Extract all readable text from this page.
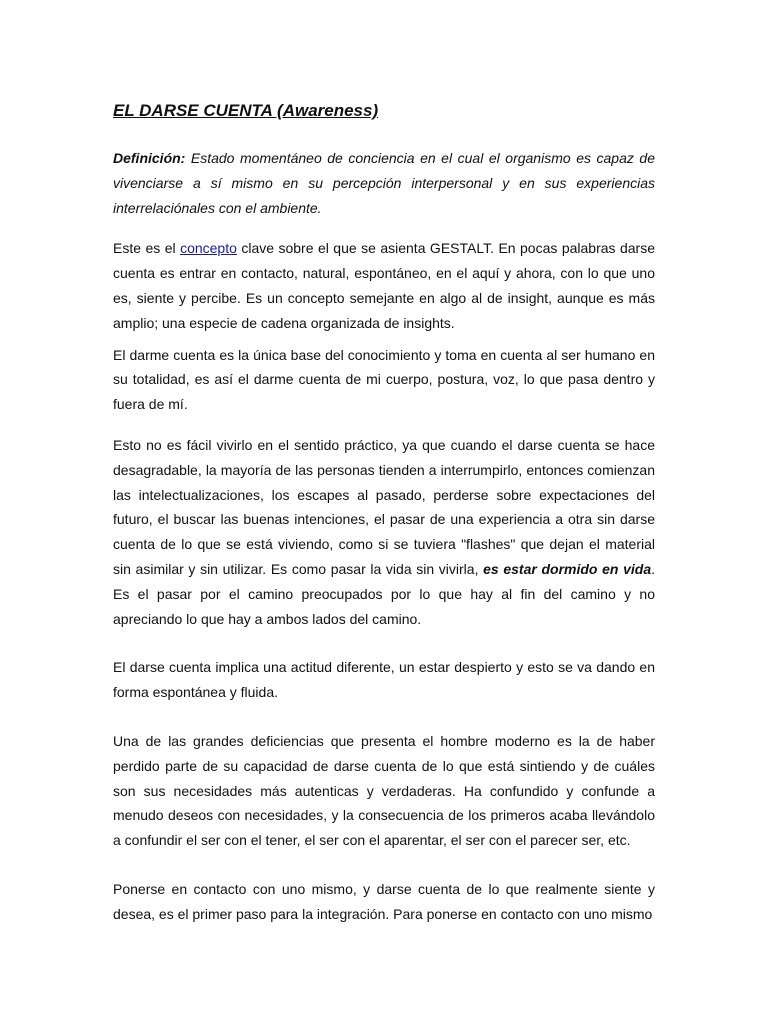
EL DARSE CUENTA (Awareness)

Definición: Estado momentáneo de conciencia en el cual el organismo es capaz de vivenciarse a sí mismo en su percepción interpersonal y en sus experiencias interrelaciónales con el ambiente.

Este es el concepto clave sobre el que se asienta GESTALT. En pocas palabras darse cuenta es entrar en contacto, natural, espontáneo, en el aquí y ahora, con lo que uno es, siente y percibe. Es un concepto semejante en algo al de insight, aunque es más amplio; una especie de cadena organizada de insights.

El darme cuenta es la única base del conocimiento y toma en cuenta al ser humano en su totalidad, es así el darme cuenta de mi cuerpo, postura, voz, lo que pasa dentro y fuera de mí.

Esto no es fácil vivirlo en el sentido práctico, ya que cuando el darse cuenta se hace desagradable, la mayoría de las personas tienden a interrumpirlo, entonces comienzan las intelectualizaciones, los escapes al pasado, perderse sobre expectaciones del futuro, el buscar las buenas intenciones, el pasar de una experiencia a otra sin darse cuenta de lo que se está viviendo, como si se tuviera "flashes" que dejan el material sin asimilar y sin utilizar. Es como pasar la vida sin vivirla, es estar dormido en vida. Es el pasar por el camino preocupados por lo que hay al fin del camino y no apreciando lo que hay a ambos lados del camino.

El darse cuenta implica una actitud diferente, un estar despierto y esto se va dando en forma espontánea y fluida.

Una de las grandes deficiencias que presenta el hombre moderno es la de haber perdido parte de su capacidad de darse cuenta de lo que está sintiendo y de cuáles son sus necesidades más autenticas y verdaderas. Ha confundido y confunde a menudo deseos con necesidades, y la consecuencia de los primeros acaba llevándolo a confundir el ser con el tener, el ser con el aparentar, el ser con el parecer ser, etc.

Ponerse en contacto con uno mismo, y darse cuenta de lo que realmente siente y desea, es el primer paso para la integración. Para ponerse en contacto con uno mismo
